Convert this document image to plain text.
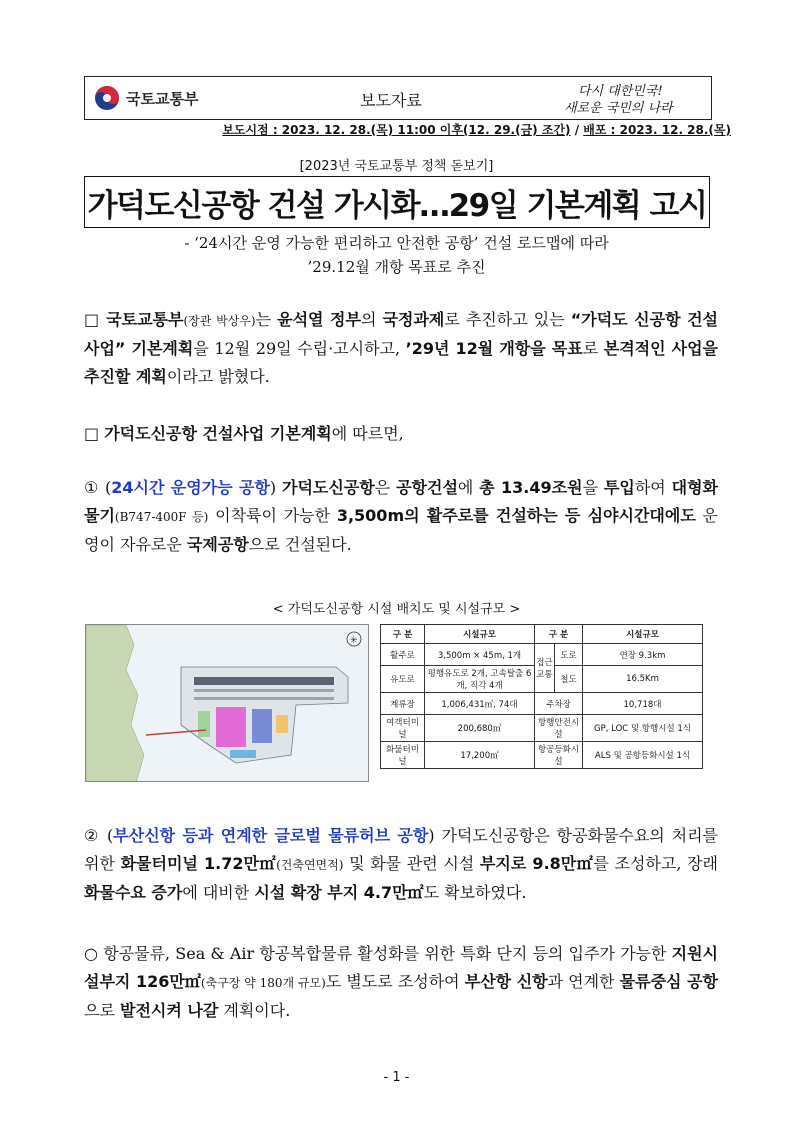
국토교통부	보도자료	다시 대한민국!
새로운 국민의 나라
보도시점 : 2023. 12. 28.(목) 11:00 이후(12. 29.(금) 조간) / 배포 : 2023. 12. 28.(목)
[2023년 국토교통부 정책 돋보기]
가덕도신공항 건설 가시화…29일 기본계획 고시
- ‘24시간 운영 가능한 편리하고 안전한 공항’ 건설 로드맵에 따라
’29.12월 개항 목표로 추진
□ 국토교통부(장관 박상우)는 윤석열 정부의 국정과제로 추진하고 있는 “가덕도 신공항 건설사업” 기본계획을 12월 29일 수립·고시하고, ’29년 12월 개항을 목표로 본격적인 사업을 추진할 계획이라고 밝혔다.
□ 가덕도신공항 건설사업 기본계획에 따르면,
① (24시간 운영가능 공항) 가덕도신공항은 공항건설에 총 13.49조원을 투입하여 대형화물기(B747-400F 등) 이착륙이 가능한 3,500m의 활주로를 건설하는 등 심야시간대에도 운영이 자유로운 국제공항으로 건설된다.
< 가덕도신공항 시설 배치도 및 시설규모 >
✳
구 분	시설규모	구 분		시설규모
활주로	3,500m × 45m, 1개	접근교통	도로	연장 9.3km
유도로	평행유도로 2개, 고속탈출 6개, 직각 4개		철도	16.5Km
계류장	1,006,431㎡, 74대	주차장		10,718대
여객터미널	200,680㎡	항행안전시설		GP, LOC 및 항행시설 1식
화물터미널	17,200㎡	항공등화시설		ALS 및 공항등화시설 1식
② (부산신항 등과 연계한 글로벌 물류허브 공항) 가덕도신공항은 항공화물수요의 처리를 위한 화물터미널 1.72만㎡(건축연면적) 및 화물 관련 시설 부지로 9.8만㎡를 조성하고, 장래 화물수요 증가에 대비한 시설 확장 부지 4.7만㎡도 확보하였다.
○ 항공물류, Sea & Air 항공복합물류 활성화를 위한 특화 단지 등의 입주가 가능한 지원시설부지 126만㎡(축구장 약 180개 규모)도 별도로 조성하여 부산항 신항과 연계한 물류중심 공항으로 발전시켜 나갈 계획이다.
- 1 -
